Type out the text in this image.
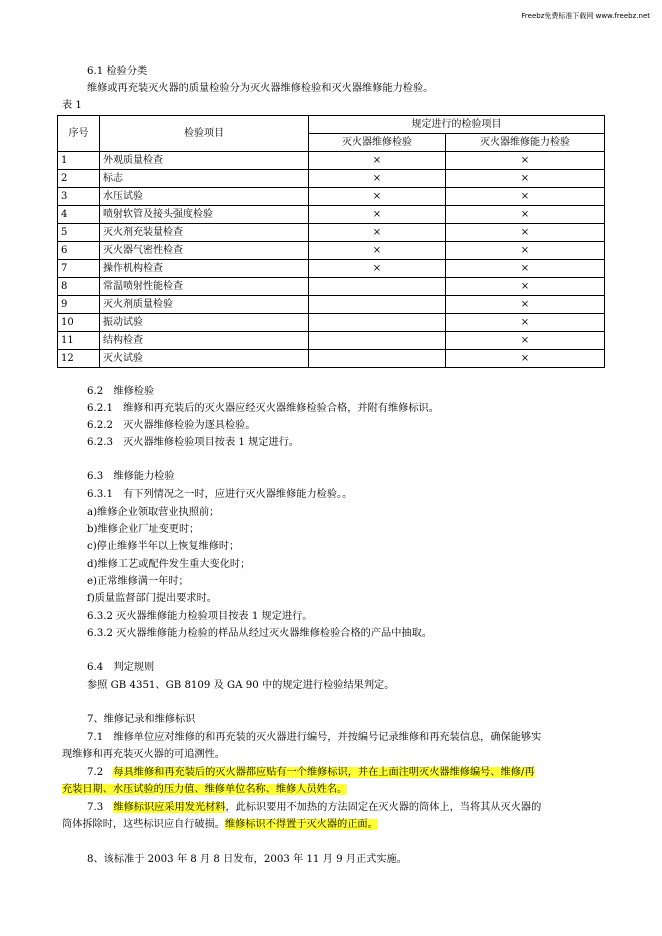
Freebz免费标准下载网 www.freebz.net
6.1 检验分类
维修或再充装灭火器的质量检验分为灭火器维修检验和灭火器维修能力检验。
表 1
序号	检验项目	规定进行的检验项目	
		灭火器维修检验	灭火器维修能力检验
1	外观质量检查	×	×
2	标志	×	×
3	水压试验	×	×
4	喷射软管及接头强度检验	×	×
5	灭火剂充装量检查	×	×
6	灭火器气密性检查	×	×
7	操作机构检查	×	×
8	常温喷射性能检查		×
9	灭火剂质量检验		×
10	振动试验		×
11	结构检查		×
12	灭火试验		×
6.2　维修检验
6.2.1　维修和再充装后的灭火器应经灭火器维修检验合格，并附有维修标识。
6.2.2　灭火器维修检验为逐具检验。
6.2.3　灭火器维修检验项目按表 1 规定进行。
6.3　维修能力检验
6.3.1　有下列情况之一时，应进行灭火器维修能力检验。。
a)维修企业领取营业执照前；
b)维修企业厂址变更时；
c)停止维修半年以上恢复维修时；
d)维修工艺或配件发生重大变化时；
e)正常维修满一年时；
f)质量监督部门提出要求时。
6.3.2 灭火器维修能力检验项目按表 1 规定进行。
6.3.2 灭火器维修能力检验的样品从经过灭火器维修检验合格的产品中抽取。
6.4　判定规则
参照 GB 4351、GB 8109 及 GA 90 中的规定进行检验结果判定。
7、维修记录和维修标识
7.1　维修单位应对维修的和再充装的灭火器进行编号，并按编号记录维修和再充装信息，确保能够实
现维修和再充装灭火器的可追溯性。
7.2　每具维修和再充装后的灭火器都应贴有一个维修标识，并在上面注明灭火器维修编号、维修/再
充装日期、水压试验的压力值、维修单位名称、维修人员姓名。
7.3　维修标识应采用发光材料，此标识要用不加热的方法固定在灭火器的筒体上，当将其从灭火器的
筒体拆除时，这些标识应自行破损。维修标识不得置于灭火器的正面。
8、该标准于 2003 年 8 月 8 日发布，2003 年 11 月 9 月正式实施。
